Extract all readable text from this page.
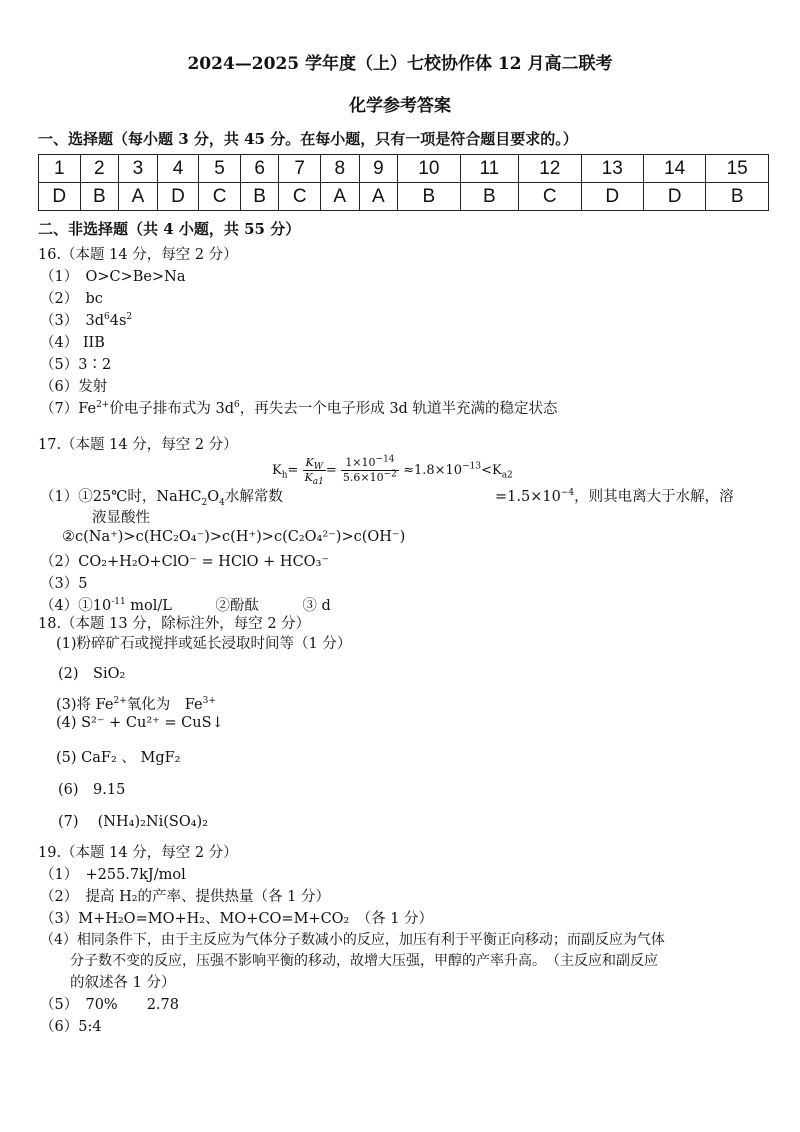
2024—2025 学年度（上）七校协作体 12 月高二联考
化学参考答案
一、选择题（每小题 3 分，共 45 分。在每小题，只有一项是符合题目要求的。）
1	2	3	4	5	6	7	8	9	10	11	12	13	14	15
D	B	A	D	C	B	C	A	A	B	B	C	D	D	B
二、非选择题（共 4 小题，共 55 分）
16.（本题 14 分，每空 2 分）
（1）　O>C>Be>Na
（2）　bc
（3）　$3d^64s^2$
（4） IIB
（5）3∶2
（6）发射
$(7)Fe^{2+}$价电子排布式为 $3d^6$，再失去一个电子形成 3d 轨道半充满的稳定状态
17.（本题 14 分，每空 2 分）
$K_h= \frac{K_W}{K_{a1}} = \frac{1\times 10^{-14}}{5.6\times 10^{-2}} \approx 1.8\times 10^{-13}<K_{a2}$
（1）①25℃时，$NaHC_2O_4$水解常数	$=1.5\times 10^{-4}$，则其电离大于水解，溶
液显酸性
②c(Na⁺)>c(HC₂O₄⁻)>c(H⁺)>c(C₂O₄²⁻)>c(OH⁻)
（2）CO₂+H₂O+ClO⁻ = HClO + HCO₃⁻
（3）5
$(4)①10^{-11}$ mol/L　　　②酚酞　　　③ d
18.（本题 13 分，除标注外，每空 2 分）
(1)粉碎矿石或搅拌或延长浸取时间等（1 分）
(2)　SiO₂
(3)将 $Fe^{2+}$氧化为　$Fe^{3+}$
(4) S²⁻ + Cu²⁺ = CuS↓
(5) CaF₂ 、 MgF₂
(6)　9.15
(7)　 (NH₄)₂Ni(SO₄)₂
19.（本题 14 分，每空 2 分）
（1）　+255.7kJ/mol
（2）　提高 H₂的产率、提供热量（各 1 分）
（3）M+H₂O=MO+H₂、MO+CO=M+CO₂　（各 1 分）
（4）相同条件下，由于主反应为气体分子数减小的反应，加压有利于平衡正向移动；而副反应为气体
分子数不变的反应，压强不影响平衡的移动，故增大压强，甲醇的产率升高。　（主反应和副反应
的叙述各 1 分）
（5）　70%　　2.78
（6）5:4
